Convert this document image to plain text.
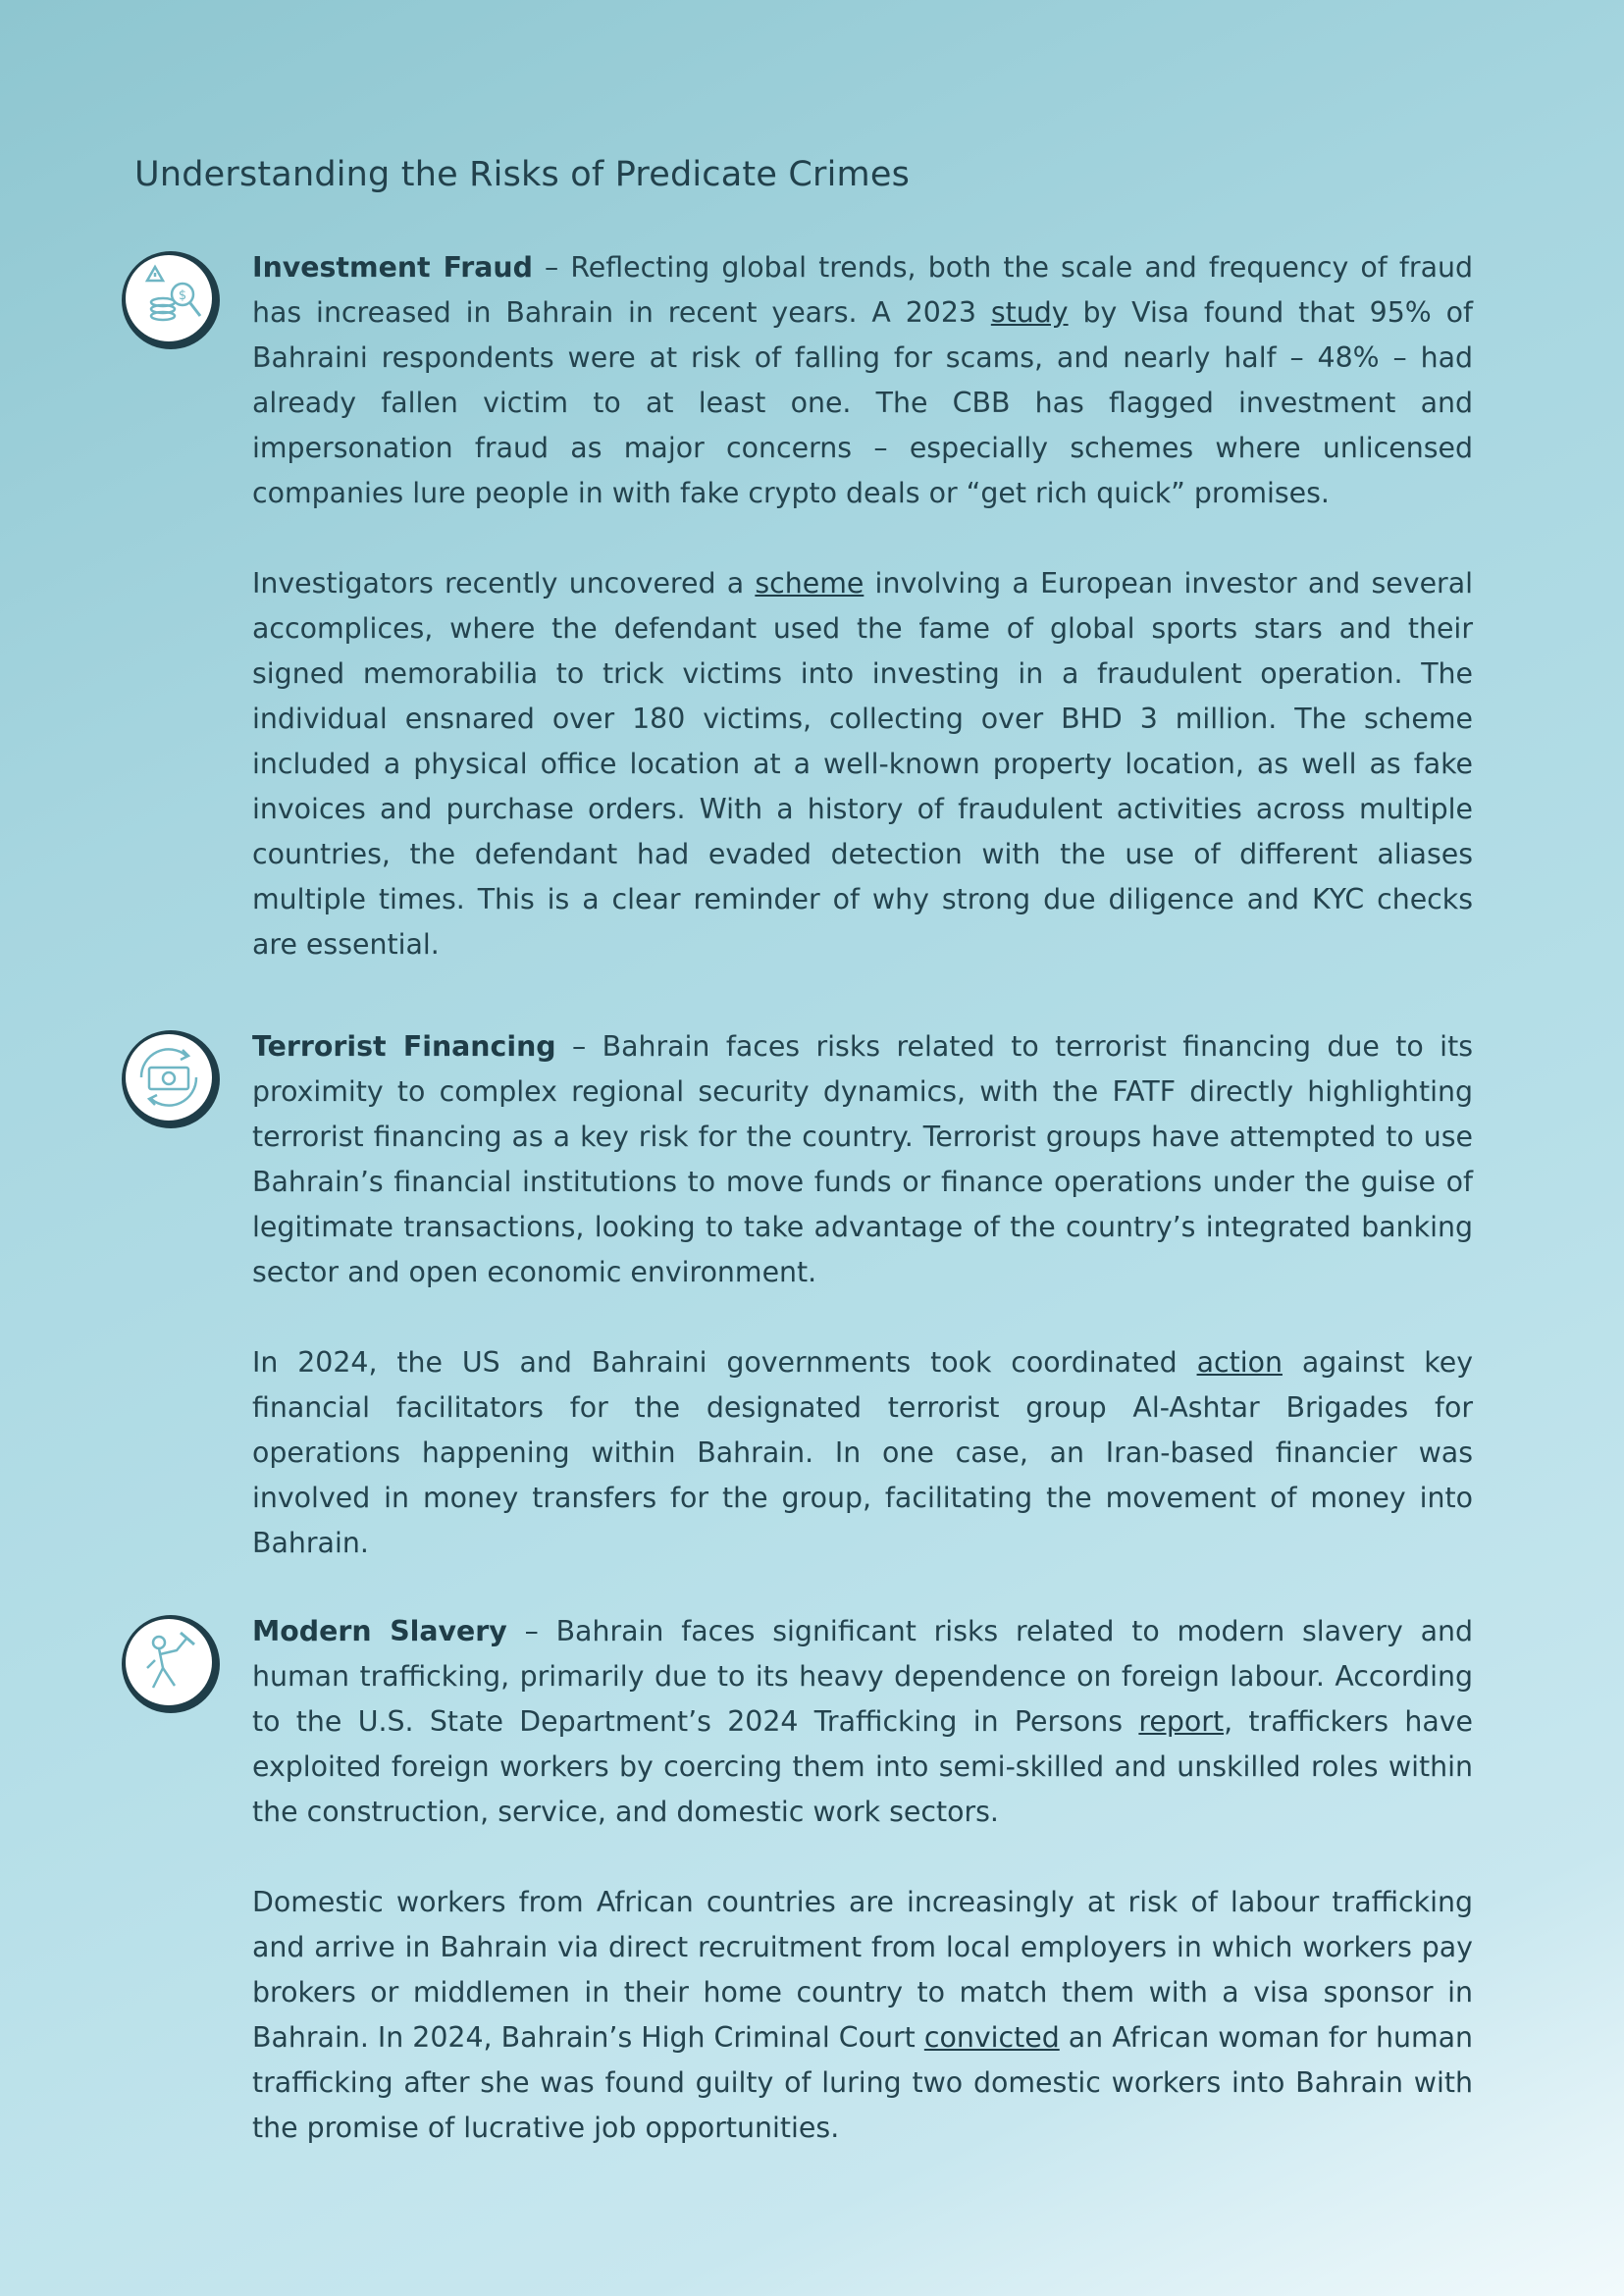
Understanding the Risks of Predicate Crimes
$

Investment Fraud – Reflecting global trends, both the scale and frequency of fraud has increased in Bahrain in recent years. A 2023 study by Visa found that 95% of Bahraini respondents were at risk of falling for scams, and nearly half – 48% – had already fallen victim to at least one. The CBB has flagged investment and impersonation fraud as major concerns – especially schemes where unlicensed companies lure people in with fake crypto deals or “get rich quick” promises.

Investigators recently uncovered a scheme involving a European investor and several accomplices, where the defendant used the fame of global sports stars and their signed memorabilia to trick victims into investing in a fraudulent operation. The individual ensnared over 180 victims, collecting over BHD 3 million. The scheme included a physical office location at a well-known property location, as well as fake invoices and purchase orders. With a history of fraudulent activities across multiple countries, the defendant had evaded detection with the use of different aliases multiple times. This is a clear reminder of why strong due diligence and KYC checks are essential.

Terrorist Financing – Bahrain faces risks related to terrorist financing due to its proximity to complex regional security dynamics, with the FATF directly highlighting terrorist financing as a key risk for the country. Terrorist groups have attempted to use Bahrain’s financial institutions to move funds or finance operations under the guise of legitimate transactions, looking to take advantage of the country’s integrated banking sector and open economic environment.

In 2024, the US and Bahraini governments took coordinated action against key financial facilitators for the designated terrorist group Al-Ashtar Brigades for operations happening within Bahrain. In one case, an Iran-based financier was involved in money transfers for the group, facilitating the movement of money into Bahrain.

Modern Slavery – Bahrain faces significant risks related to modern slavery and human trafficking, primarily due to its heavy dependence on foreign labour. According to the U.S. State Department’s 2024 Trafficking in Persons report, traffickers have exploited foreign workers by coercing them into semi-skilled and unskilled roles within the construction, service, and domestic work sectors.

Domestic workers from African countries are increasingly at risk of labour trafficking and arrive in Bahrain via direct recruitment from local employers in which workers pay brokers or middlemen in their home country to match them with a visa sponsor in Bahrain. In 2024, Bahrain’s High Criminal Court convicted an African woman for human trafficking after she was found guilty of luring two domestic workers into Bahrain with the promise of lucrative job opportunities.
